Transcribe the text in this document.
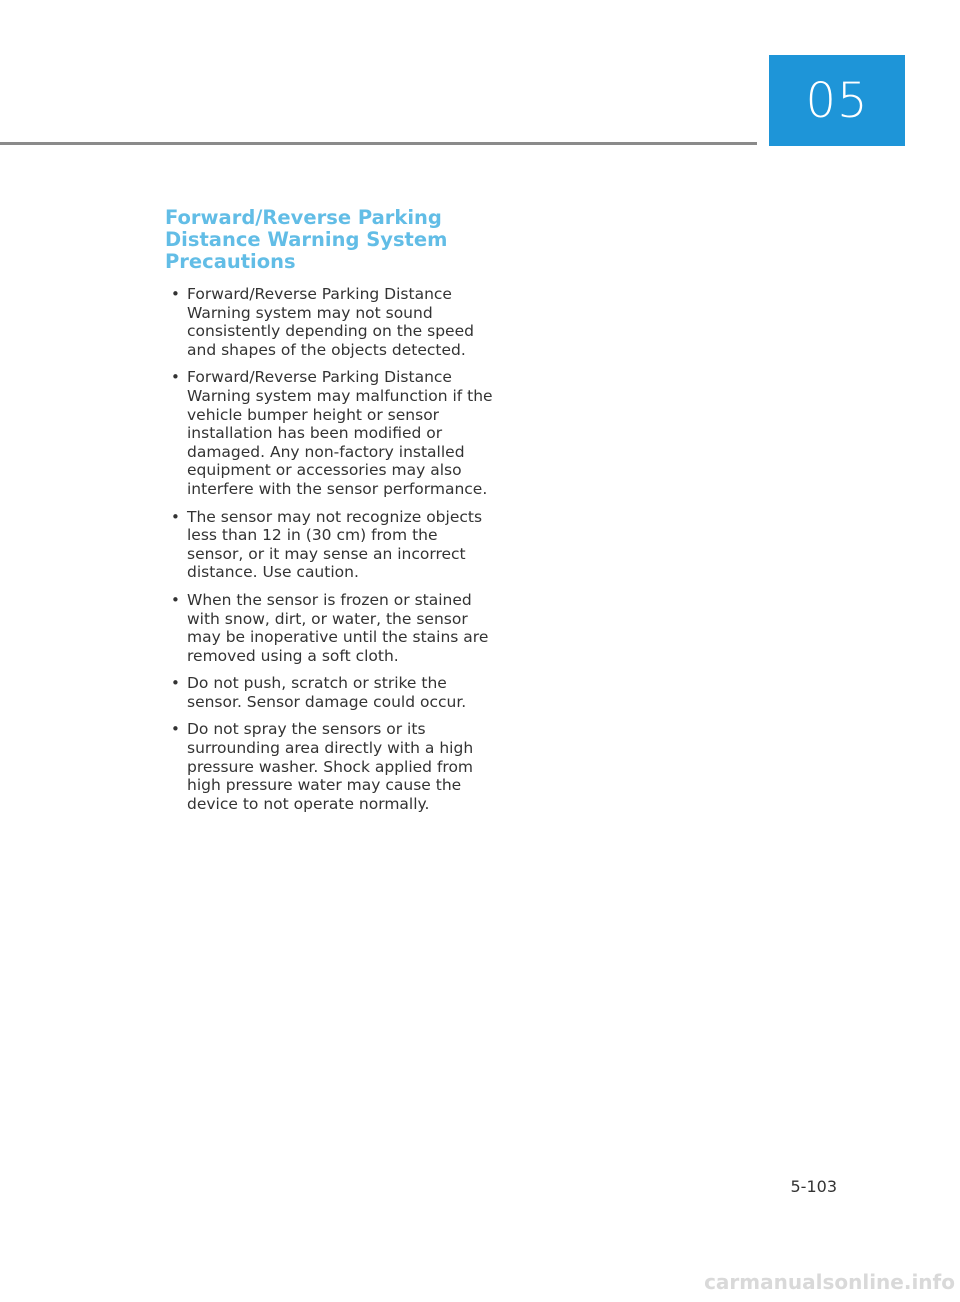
05
Forward/Reverse Parking Distance Warning System Precautions
• Forward/Reverse Parking Distance Warning system may not sound consistently depending on the speed and shapes of the objects detected.
• Forward/Reverse Parking Distance Warning system may malfunction if the vehicle bumper height or sensor installation has been modified or damaged. Any non-factory installed equipment or accessories may also interfere with the sensor performance.
• The sensor may not recognize objects less than 12 in (30 cm) from the sensor, or it may sense an incorrect distance. Use caution.
• When the sensor is frozen or stained with snow, dirt, or water, the sensor may be inoperative until the stains are removed using a soft cloth.
• Do not push, scratch or strike the sensor. Sensor damage could occur.
• Do not spray the sensors or its surrounding area directly with a high pressure washer. Shock applied from high pressure water may cause the device to not operate normally.
5-103
carmanualsonline.info
